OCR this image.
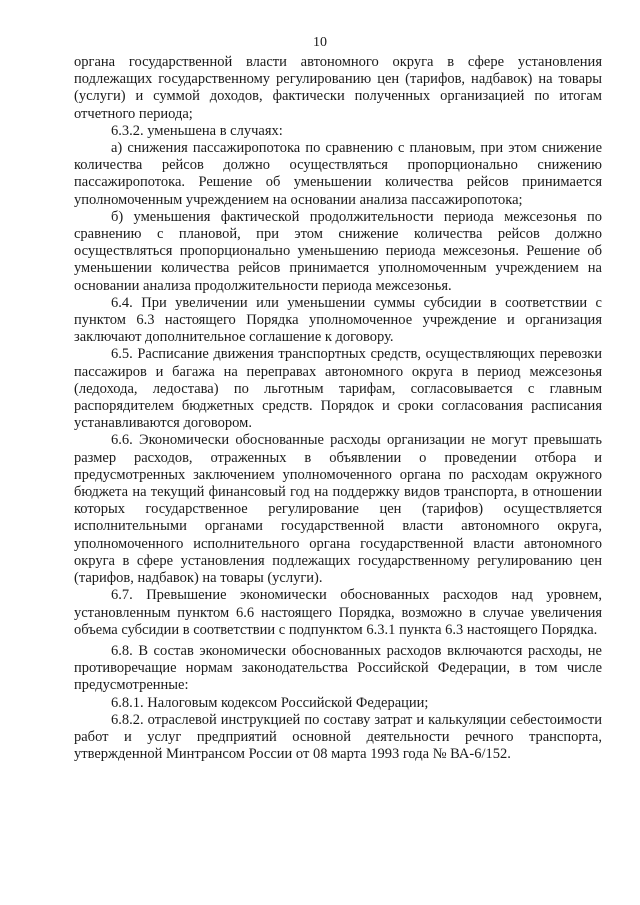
10

органа государственной власти автономного округа в сфере установления подлежащих государственному регулированию цен (тарифов, надбавок) на товары (услуги) и суммой доходов, фактически полученных организацией по итогам отчетного периода;

6.3.2. уменьшена в случаях:

а) снижения пассажиропотока по сравнению с плановым, при этом снижение количества рейсов должно осуществляться пропорционально снижению пассажиропотока. Решение об уменьшении количества рейсов принимается уполномоченным учреждением на основании анализа пассажиропотока;

б) уменьшения фактической продолжительности периода межсезонья по сравнению с плановой, при этом снижение количества рейсов должно осуществляться пропорционально уменьшению периода межсезонья. Решение об уменьшении количества рейсов принимается уполномоченным учреждением на основании анализа продолжительности периода межсезонья.

6.4. При увеличении или уменьшении суммы субсидии в соответствии с пунктом 6.3 настоящего Порядка уполномоченное учреждение и организация заключают дополнительное соглашение к договору.

6.5. Расписание движения транспортных средств, осуществляющих перевозки пассажиров и багажа на переправах автономного округа в период межсезонья (ледохода, ледостава) по льготным тарифам, согласовывается с главным распорядителем бюджетных средств. Порядок и сроки согласования расписания устанавливаются договором.

6.6. Экономически обоснованные расходы организации не могут превышать размер расходов, отраженных в объявлении о проведении отбора и предусмотренных заключением уполномоченного органа по расходам окружного бюджета на текущий финансовый год на поддержку видов транспорта, в отношении которых государственное регулирование цен (тарифов) осуществляется исполнительными органами государственной власти автономного округа, уполномоченного исполнительного органа государственной власти автономного округа в сфере установления подлежащих государственному регулированию цен (тарифов, надбавок) на товары (услуги).

6.7. Превышение экономически обоснованных расходов над уровнем, установленным пунктом 6.6 настоящего Порядка, возможно в случае увеличения объема субсидии в соответствии с подпунктом 6.3.1 пункта 6.3 настоящего Порядка.

6.8. В состав экономически обоснованных расходов включаются расходы, не противоречащие нормам законодательства Российской Федерации, в том числе предусмотренные:

6.8.1. Налоговым кодексом Российской Федерации;

6.8.2. отраслевой инструкцией по составу затрат и калькуляции себестоимости работ и услуг предприятий основной деятельности речного транспорта, утвержденной Минтрансом России от 08 марта 1993 года № ВА-6/152.
